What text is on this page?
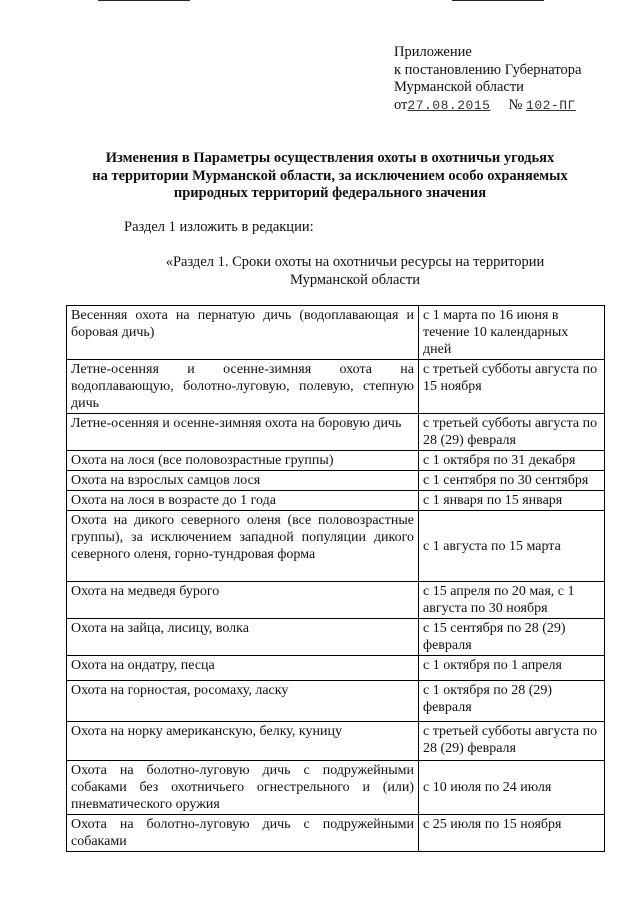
Приложение
к постановлению Губернатора
Мурманской области
от27.08.2015 № 102-ПГ
Изменения в Параметры осуществления охоты в охотничьи угодьях
на территории Мурманской области, за исключением особо охраняемых
природных территорий федерального значения
Раздел 1 изложить в редакции:
«Раздел 1. Сроки охоты на охотничьи ресурсы на территории
Мурманской области
Весенняя охота на пернатую дичь (водоплавающая и боровая дичь)	с 1 марта по 16 июня в течение 10 календарных дней
Летне-осенняя и осенне-зимняя охота на водоплавающую, болотно-луговую, полевую, степную дичь	с третьей субботы августа по 15 ноября
Летне-осенняя и осенне-зимняя охота на боровую дичь	с третьей субботы августа по 28 (29) февраля
Охота на лося (все половозрастные группы)	с 1 октября по 31 декабря
Охота на взрослых самцов лося	с 1 сентября по 30 сентября
Охота на лося в возрасте до 1 года	с 1 января по 15 января
Охота на дикого северного оленя (все половозрастные группы), за исключением западной популяции дикого северного оленя, горно-тундровая форма	с 1 августа по 15 марта
Охота на медведя бурого	с 15 апреля по 20 мая, с 1 августа по 30 ноября
Охота на зайца, лисицу, волка	с 15 сентября по 28 (29) февраля
Охота на ондатру, песца	с 1 октября по 1 апреля
Охота на горностая, росомаху, ласку	с 1 октября по 28 (29) февраля
Охота на норку американскую, белку, куницу	с третьей субботы августа по 28 (29) февраля
Охота на болотно-луговую дичь с подружейными собаками без охотничьего огнестрельного и (или) пневматического оружия	с 10 июля по 24 июля
Охота на болотно-луговую дичь с подружейными собаками	с 25 июля по 15 ноября
